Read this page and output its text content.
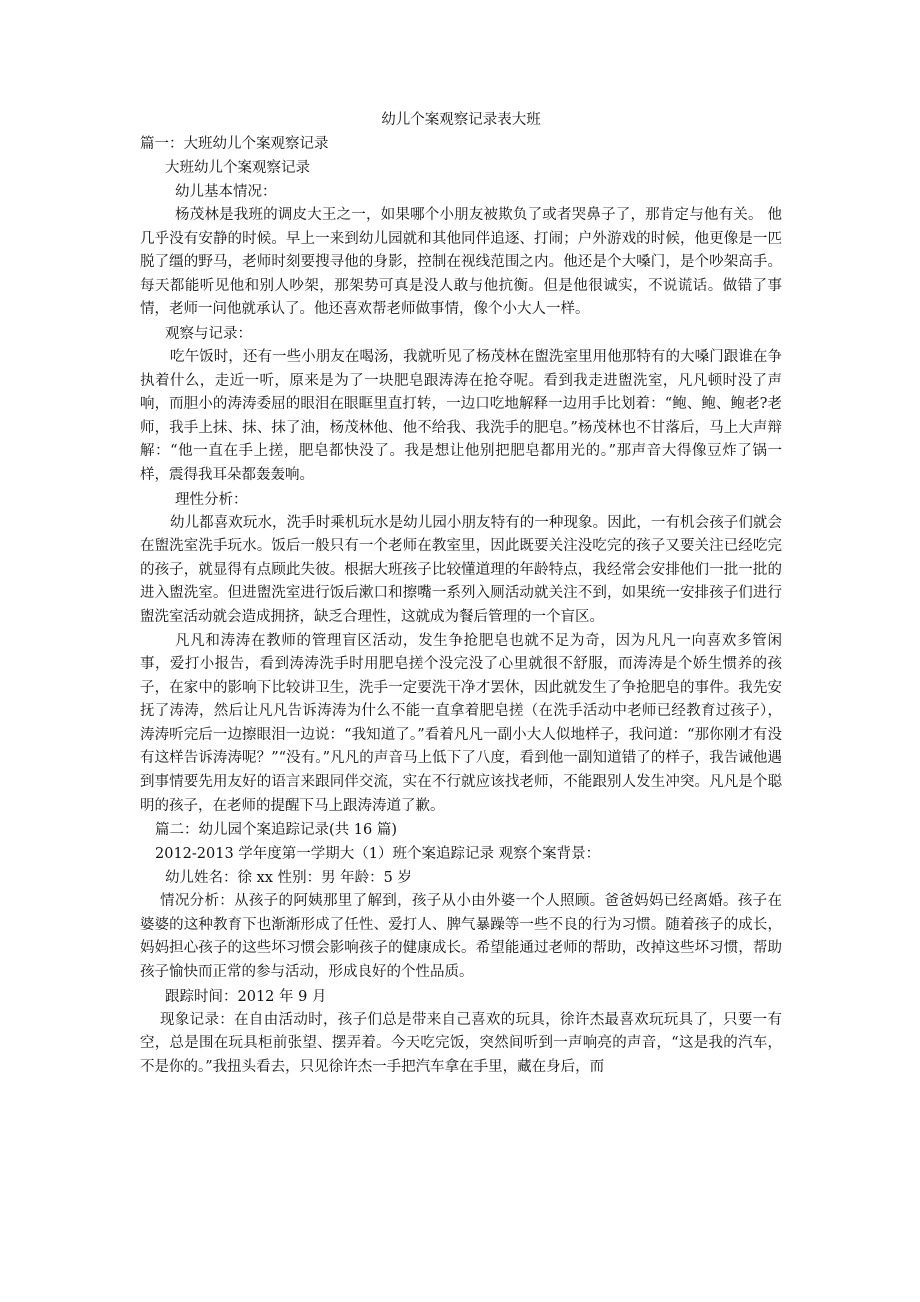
幼儿个案观察记录表大班

篇一：大班幼儿个案观察记录

大班幼儿个案观察记录

幼儿基本情况：

杨茂林是我班的调皮大王之一，如果哪个小朋友被欺负了或者哭鼻子了，那肯定与他有关。 他几乎没有安静的时候。早上一来到幼儿园就和其他同伴追逐、打闹；户外游戏的时候，他更像是一匹脱了缰的野马，老师时刻要搜寻他的身影，控制在视线范围之内。他还是个大嗓门，是个吵架高手。每天都能听见他和别人吵架，那架势可真是没人敢与他抗衡。但是他很诚实，不说谎话。做错了事情，老师一问他就承认了。他还喜欢帮老师做事情，像个小大人一样。

观察与记录：

吃午饭时，还有一些小朋友在喝汤，我就听见了杨茂林在盥洗室里用他那特有的大嗓门跟谁在争执着什么，走近一听，原来是为了一块肥皂跟涛涛在抢夺呢。看到我走进盥洗室，凡凡顿时没了声响，而胆小的涛涛委屈的眼泪在眼眶里直打转，一边口吃地解释一边用手比划着：“鲍、鲍、鲍老?老师，我手上抹、抹、抹了油，杨茂林他、他不给我、我洗手的肥皂。”杨茂林也不甘落后，马上大声辩解：“他一直在手上搓，肥皂都快没了。我是想让他别把肥皂都用光的。”那声音大得像豆炸了锅一样，震得我耳朵都轰轰响。

理性分析：

幼儿都喜欢玩水，洗手时乘机玩水是幼儿园小朋友特有的一种现象。因此，一有机会孩子们就会在盥洗室洗手玩水。饭后一般只有一个老师在教室里，因此既要关注没吃完的孩子又要关注已经吃完的孩子，就显得有点顾此失彼。根据大班孩子比较懂道理的年龄特点，我经常会安排他们一批一批的进入盥洗室。但进盥洗室进行饭后漱口和擦嘴一系列入厕活动就关注不到，如果统一安排孩子们进行盥洗室活动就会造成拥挤，缺乏合理性，这就成为餐后管理的一个盲区。

凡凡和涛涛在教师的管理盲区活动，发生争抢肥皂也就不足为奇，因为凡凡一向喜欢多管闲事，爱打小报告，看到涛涛洗手时用肥皂搓个没完没了心里就很不舒服，而涛涛是个娇生惯养的孩子，在家中的影响下比较讲卫生，洗手一定要洗干净才罢休，因此就发生了争抢肥皂的事件。我先安抚了涛涛，然后让凡凡告诉涛涛为什么不能一直拿着肥皂搓（在洗手活动中老师已经教育过孩子），涛涛听完后一边擦眼泪一边说：“我知道了。”看着凡凡一副小大人似地样子，我问道：“那你刚才有没有这样告诉涛涛呢？”“没有。”凡凡的声音马上低下了八度，看到他一副知道错了的样子，我告诫他遇到事情要先用友好的语言来跟同伴交流，实在不行就应该找老师，不能跟别人发生冲突。凡凡是个聪明的孩子，在老师的提醒下马上跟涛涛道了歉。

篇二：幼儿园个案追踪记录(共 16 篇)

2012-2013 学年度第一学期大（1）班个案追踪记录 观察个案背景：

幼儿姓名：徐 xx 性别：男 年龄：5 岁

情况分析：从孩子的阿姨那里了解到，孩子从小由外婆一个人照顾。爸爸妈妈已经离婚。孩子在婆婆的这种教育下也渐渐形成了任性、爱打人、脾气暴躁等一些不良的行为习惯。随着孩子的成长，妈妈担心孩子的这些坏习惯会影响孩子的健康成长。希望能通过老师的帮助，改掉这些坏习惯，帮助孩子愉快而正常的参与活动，形成良好的个性品质。

跟踪时间：2012 年 9 月

现象记录：在自由活动时，孩子们总是带来自己喜欢的玩具，徐许杰最喜欢玩玩具了，只要一有空，总是围在玩具柜前张望、摆弄着。今天吃完饭，突然间听到一声响亮的声音，“这是我的汽车，不是你的。”我扭头看去，只见徐许杰一手把汽车拿在手里，藏在身后，而
